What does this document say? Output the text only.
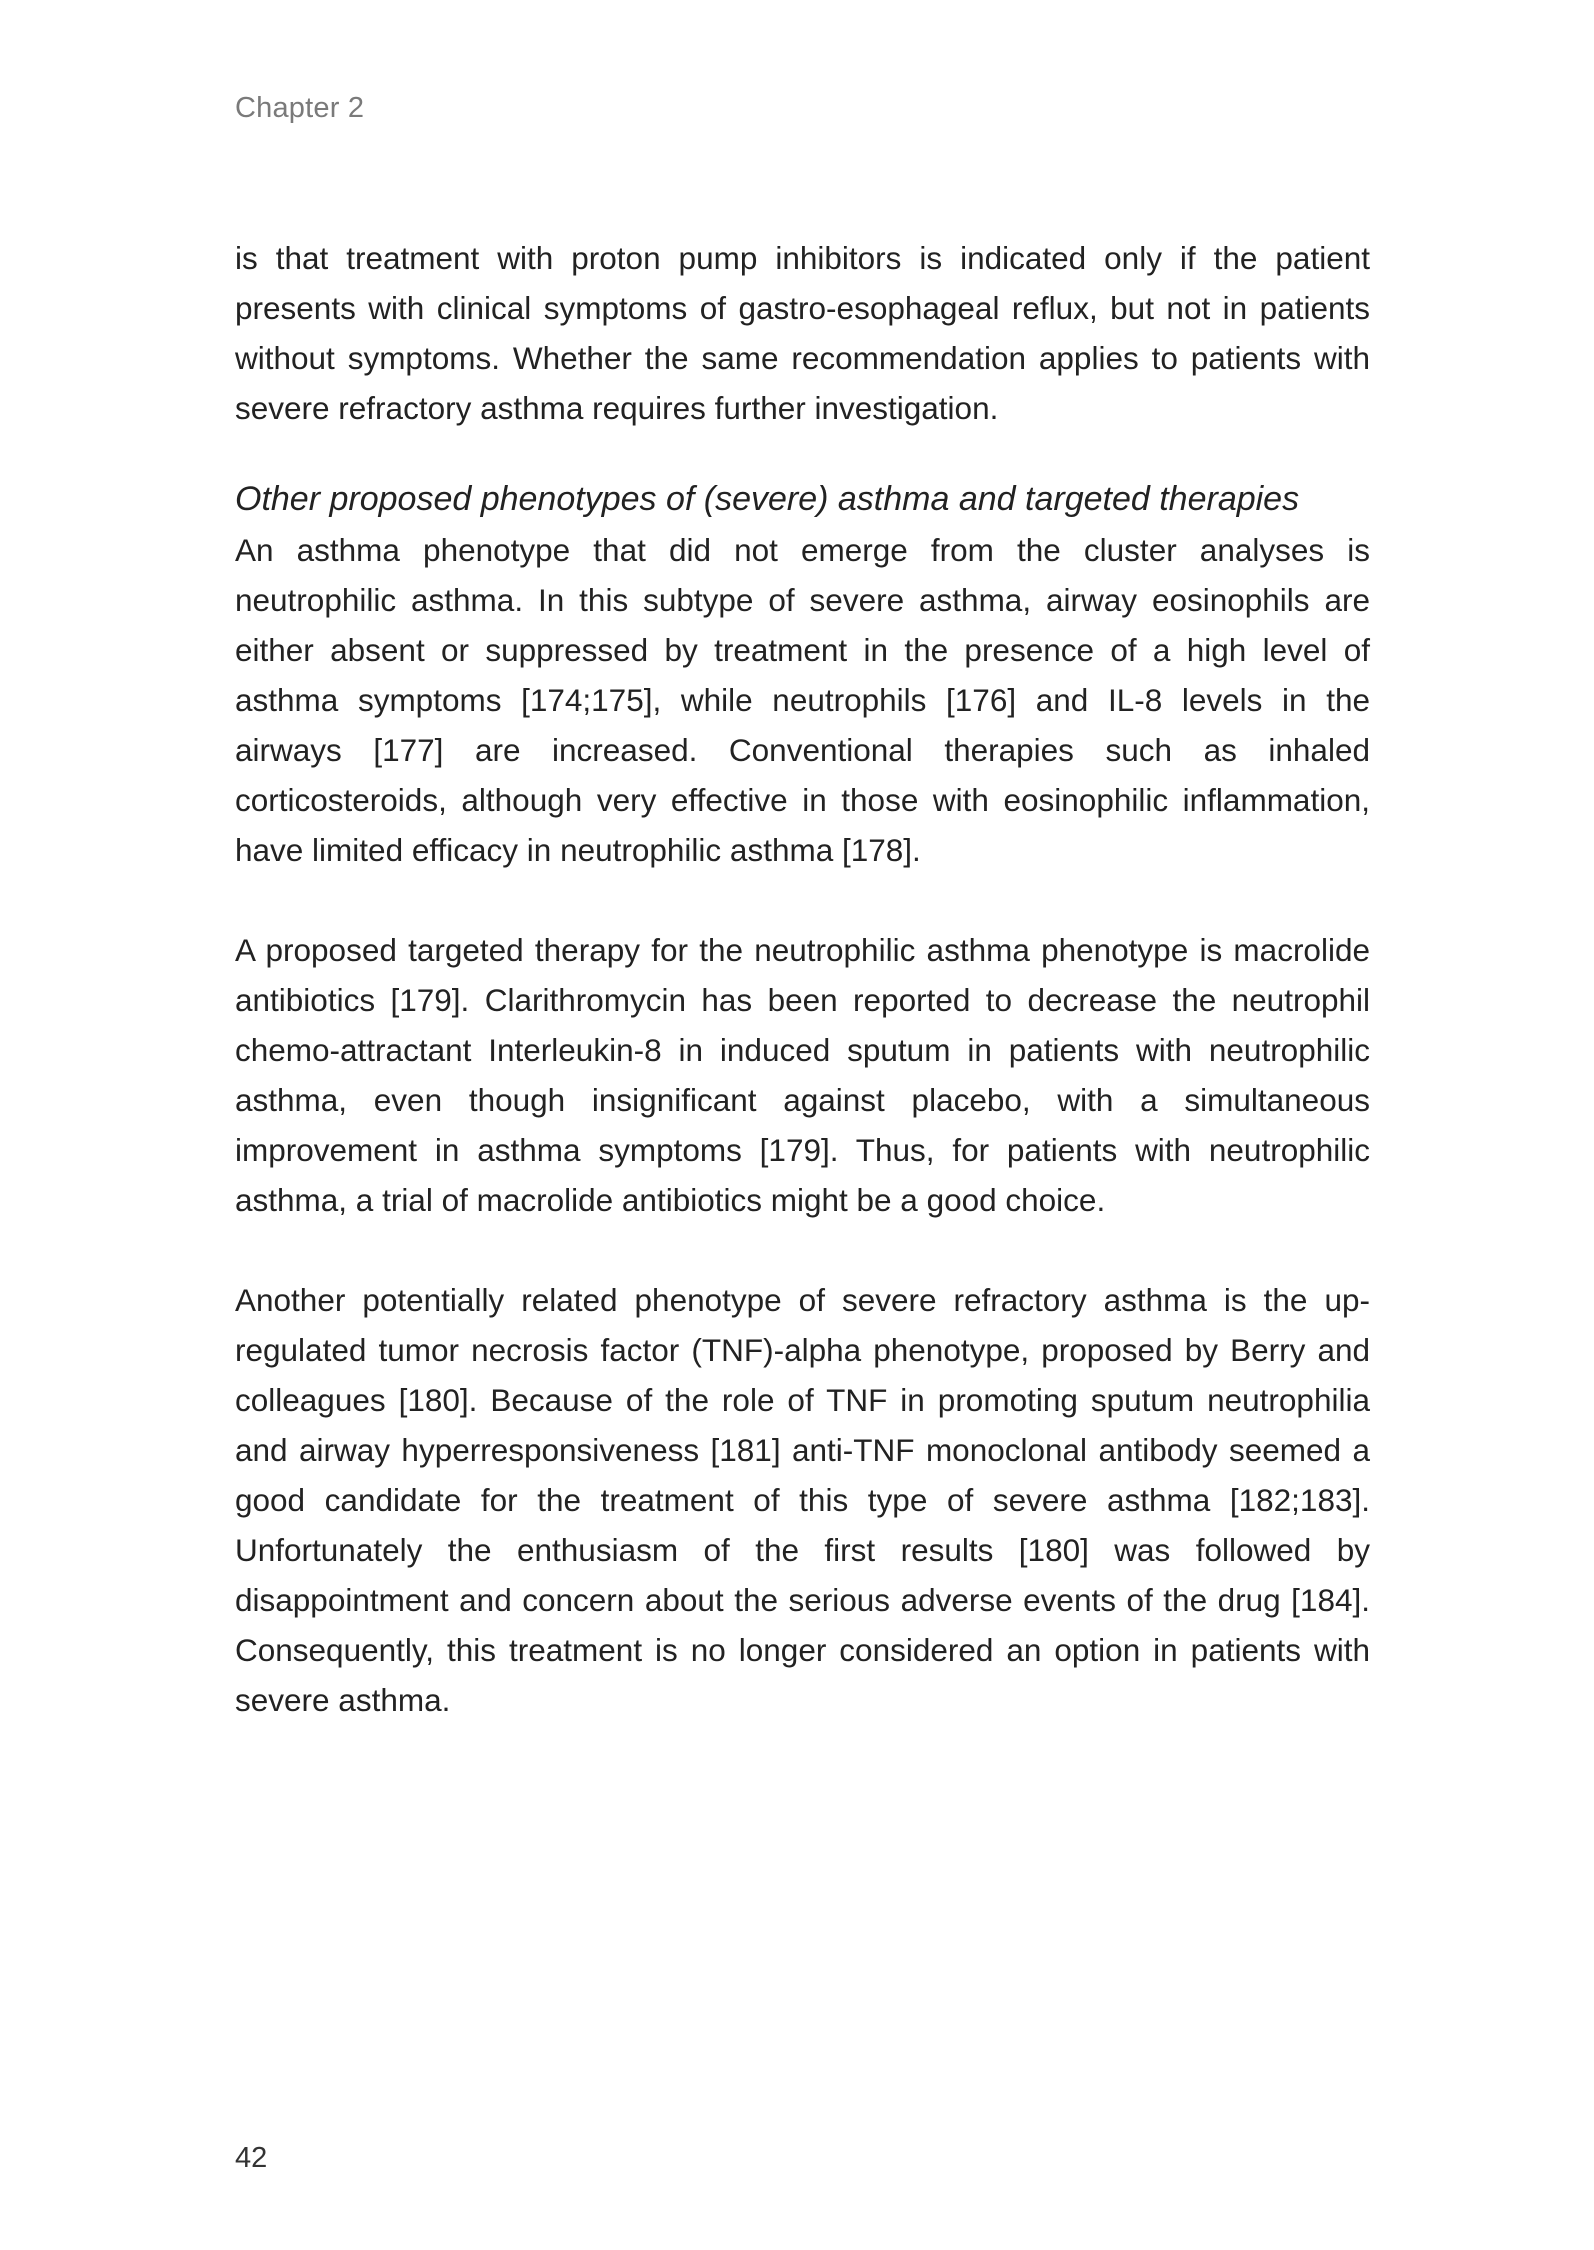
Chapter 2

is that treatment with proton pump inhibitors is indicated only if the patient presents with clinical symptoms of gastro-esophageal reflux, but not in patients without symptoms. Whether the same recommendation applies to patients with severe refractory asthma requires further investigation.

Other proposed phenotypes of (severe) asthma and targeted therapies

An asthma phenotype that did not emerge from the cluster analyses is neutrophilic asthma. In this subtype of severe asthma, airway eosinophils are either absent or suppressed by treatment in the presence of a high level of asthma symptoms [174;175], while neutrophils [176] and IL-8 levels in the airways [177] are increased. Conventional therapies such as inhaled corticosteroids, although very effective in those with eosinophilic inflammation, have limited efficacy in neutrophilic asthma [178].

A proposed targeted therapy for the neutrophilic asthma phenotype is macrolide antibiotics [179]. Clarithromycin has been reported to decrease the neutrophil chemo-attractant Interleukin-8 in induced sputum in patients with neutrophilic asthma, even though insignificant against placebo, with a simultaneous improvement in asthma symptoms [179]. Thus, for patients with neutrophilic asthma, a trial of macrolide antibiotics might be a good choice.

Another potentially related phenotype of severe refractory asthma is the up-regulated tumor necrosis factor (TNF)-alpha phenotype, proposed by Berry and colleagues [180]. Because of the role of TNF in promoting sputum neutrophilia and airway hyperresponsiveness [181] anti-TNF monoclonal antibody seemed a good candidate for the treatment of this type of severe asthma [182;183]. Unfortunately the enthusiasm of the first results [180] was followed by disappointment and concern about the serious adverse events of the drug [184]. Consequently, this treatment is no longer considered an option in patients with severe asthma.

42
